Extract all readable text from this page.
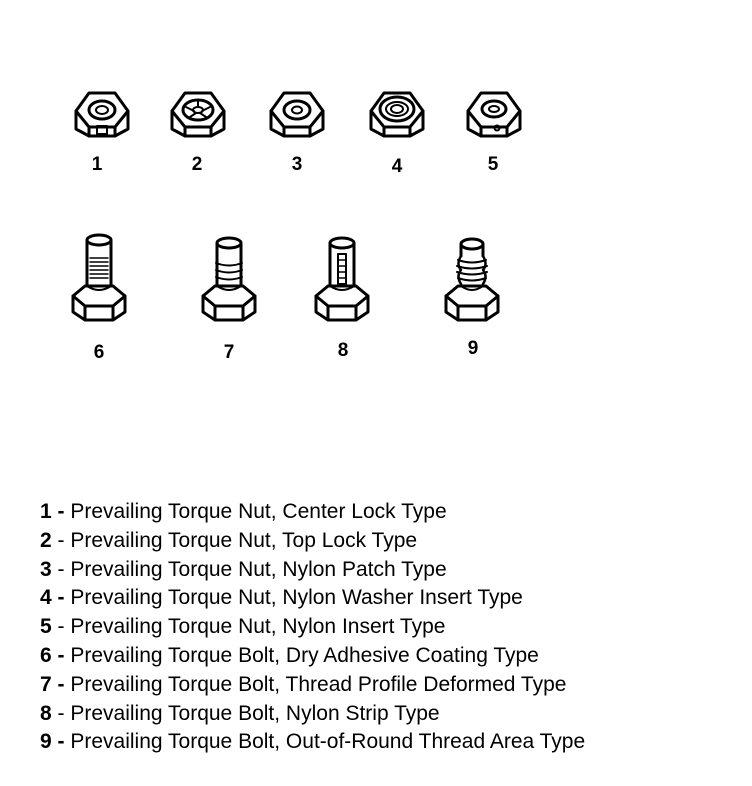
1	2	3	4	5
6	7	8	9
1 - Prevailing Torque Nut, Center Lock Type
2 - Prevailing Torque Nut, Top Lock Type
3 - Prevailing Torque Nut, Nylon Patch Type
4 - Prevailing Torque Nut, Nylon Washer Insert Type
5 - Prevailing Torque Nut, Nylon Insert Type
6 - Prevailing Torque Bolt, Dry Adhesive Coating Type
7 - Prevailing Torque Bolt, Thread Profile Deformed Type
8 - Prevailing Torque Bolt, Nylon Strip Type
9 - Prevailing Torque Bolt, Out-of-Round Thread Area Type
